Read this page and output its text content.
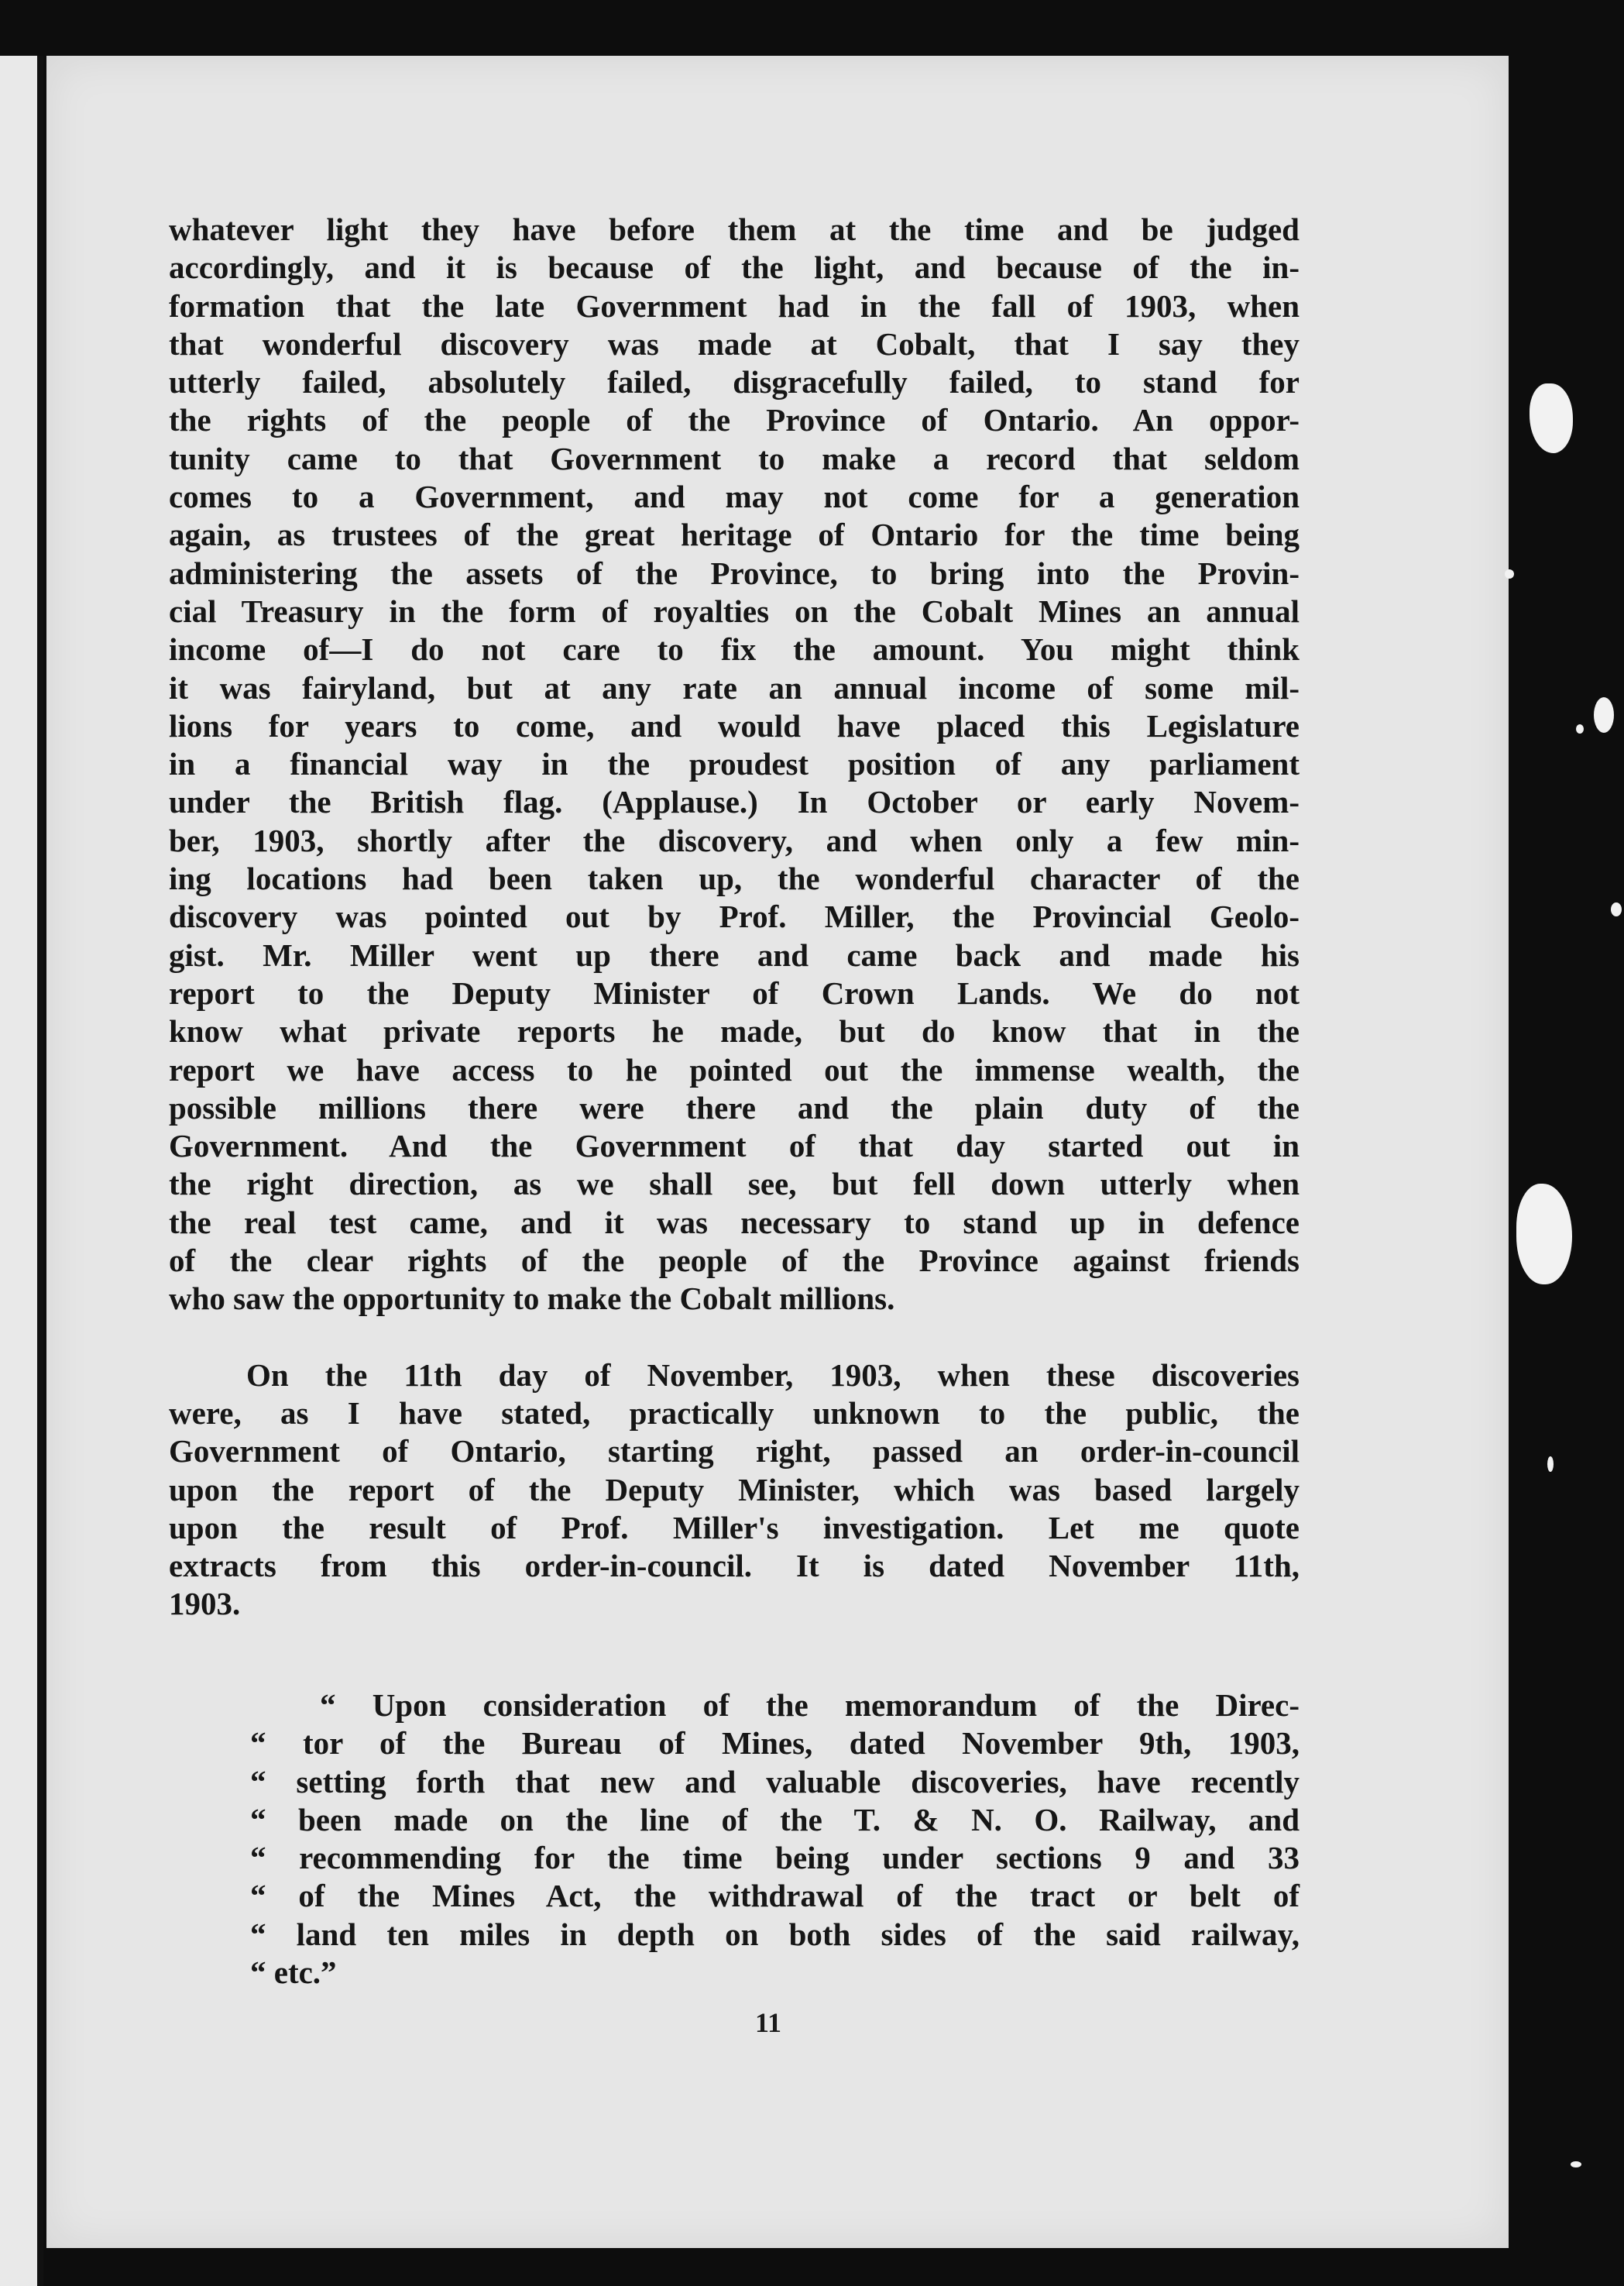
whatever light they have before them at the time and be judged
accordingly, and it is because of the light, and because of the in-
formation that the late Government had in the fall of 1903, when
that wonderful discovery was made at Cobalt, that I say they
utterly failed, absolutely failed, disgracefully failed, to stand for
the rights of the people of the Province of Ontario. An oppor-
tunity came to that Government to make a record that seldom
comes to a Government, and may not come for a generation
again, as trustees of the great heritage of Ontario for the time being
administering the assets of the Province, to bring into the Provin-
cial Treasury in the form of royalties on the Cobalt Mines an annual
income of—I do not care to fix the amount. You might think
it was fairyland, but at any rate an annual income of some mil-
lions for years to come, and would have placed this Legislature
in a financial way in the proudest position of any parliament
under the British flag. (Applause.) In October or early Novem-
ber, 1903, shortly after the discovery, and when only a few min-
ing locations had been taken up, the wonderful character of the
discovery was pointed out by Prof. Miller, the Provincial Geolo-
gist. Mr. Miller went up there and came back and made his
report to the Deputy Minister of Crown Lands. We do not
know what private reports he made, but do know that in the
report we have access to he pointed out the immense wealth, the
possible millions there were there and the plain duty of the
Government. And the Government of that day started out in
the right direction, as we shall see, but fell down utterly when
the real test came, and it was necessary to stand up in defence
of the clear rights of the people of the Province against friends
who saw the opportunity to make the Cobalt millions.
On the 11th day of November, 1903, when these discoveries
were, as I have stated, practically unknown to the public, the
Government of Ontario, starting right, passed an order-in-council
upon the report of the Deputy Minister, which was based largely
upon the result of Prof. Miller's investigation. Let me quote
extracts from this order-in-council. It is dated November 11th,
1903.
“ Upon consideration of the memorandum of the Direc-
“ tor of the Bureau of Mines, dated November 9th, 1903,
“ setting forth that new and valuable discoveries, have recently
“ been made on the line of the T. & N. O. Railway, and
“ recommending for the time being under sections 9 and 33
“ of the Mines Act, the withdrawal of the tract or belt of
“ land ten miles in depth on both sides of the said railway,
“ etc.”
11
